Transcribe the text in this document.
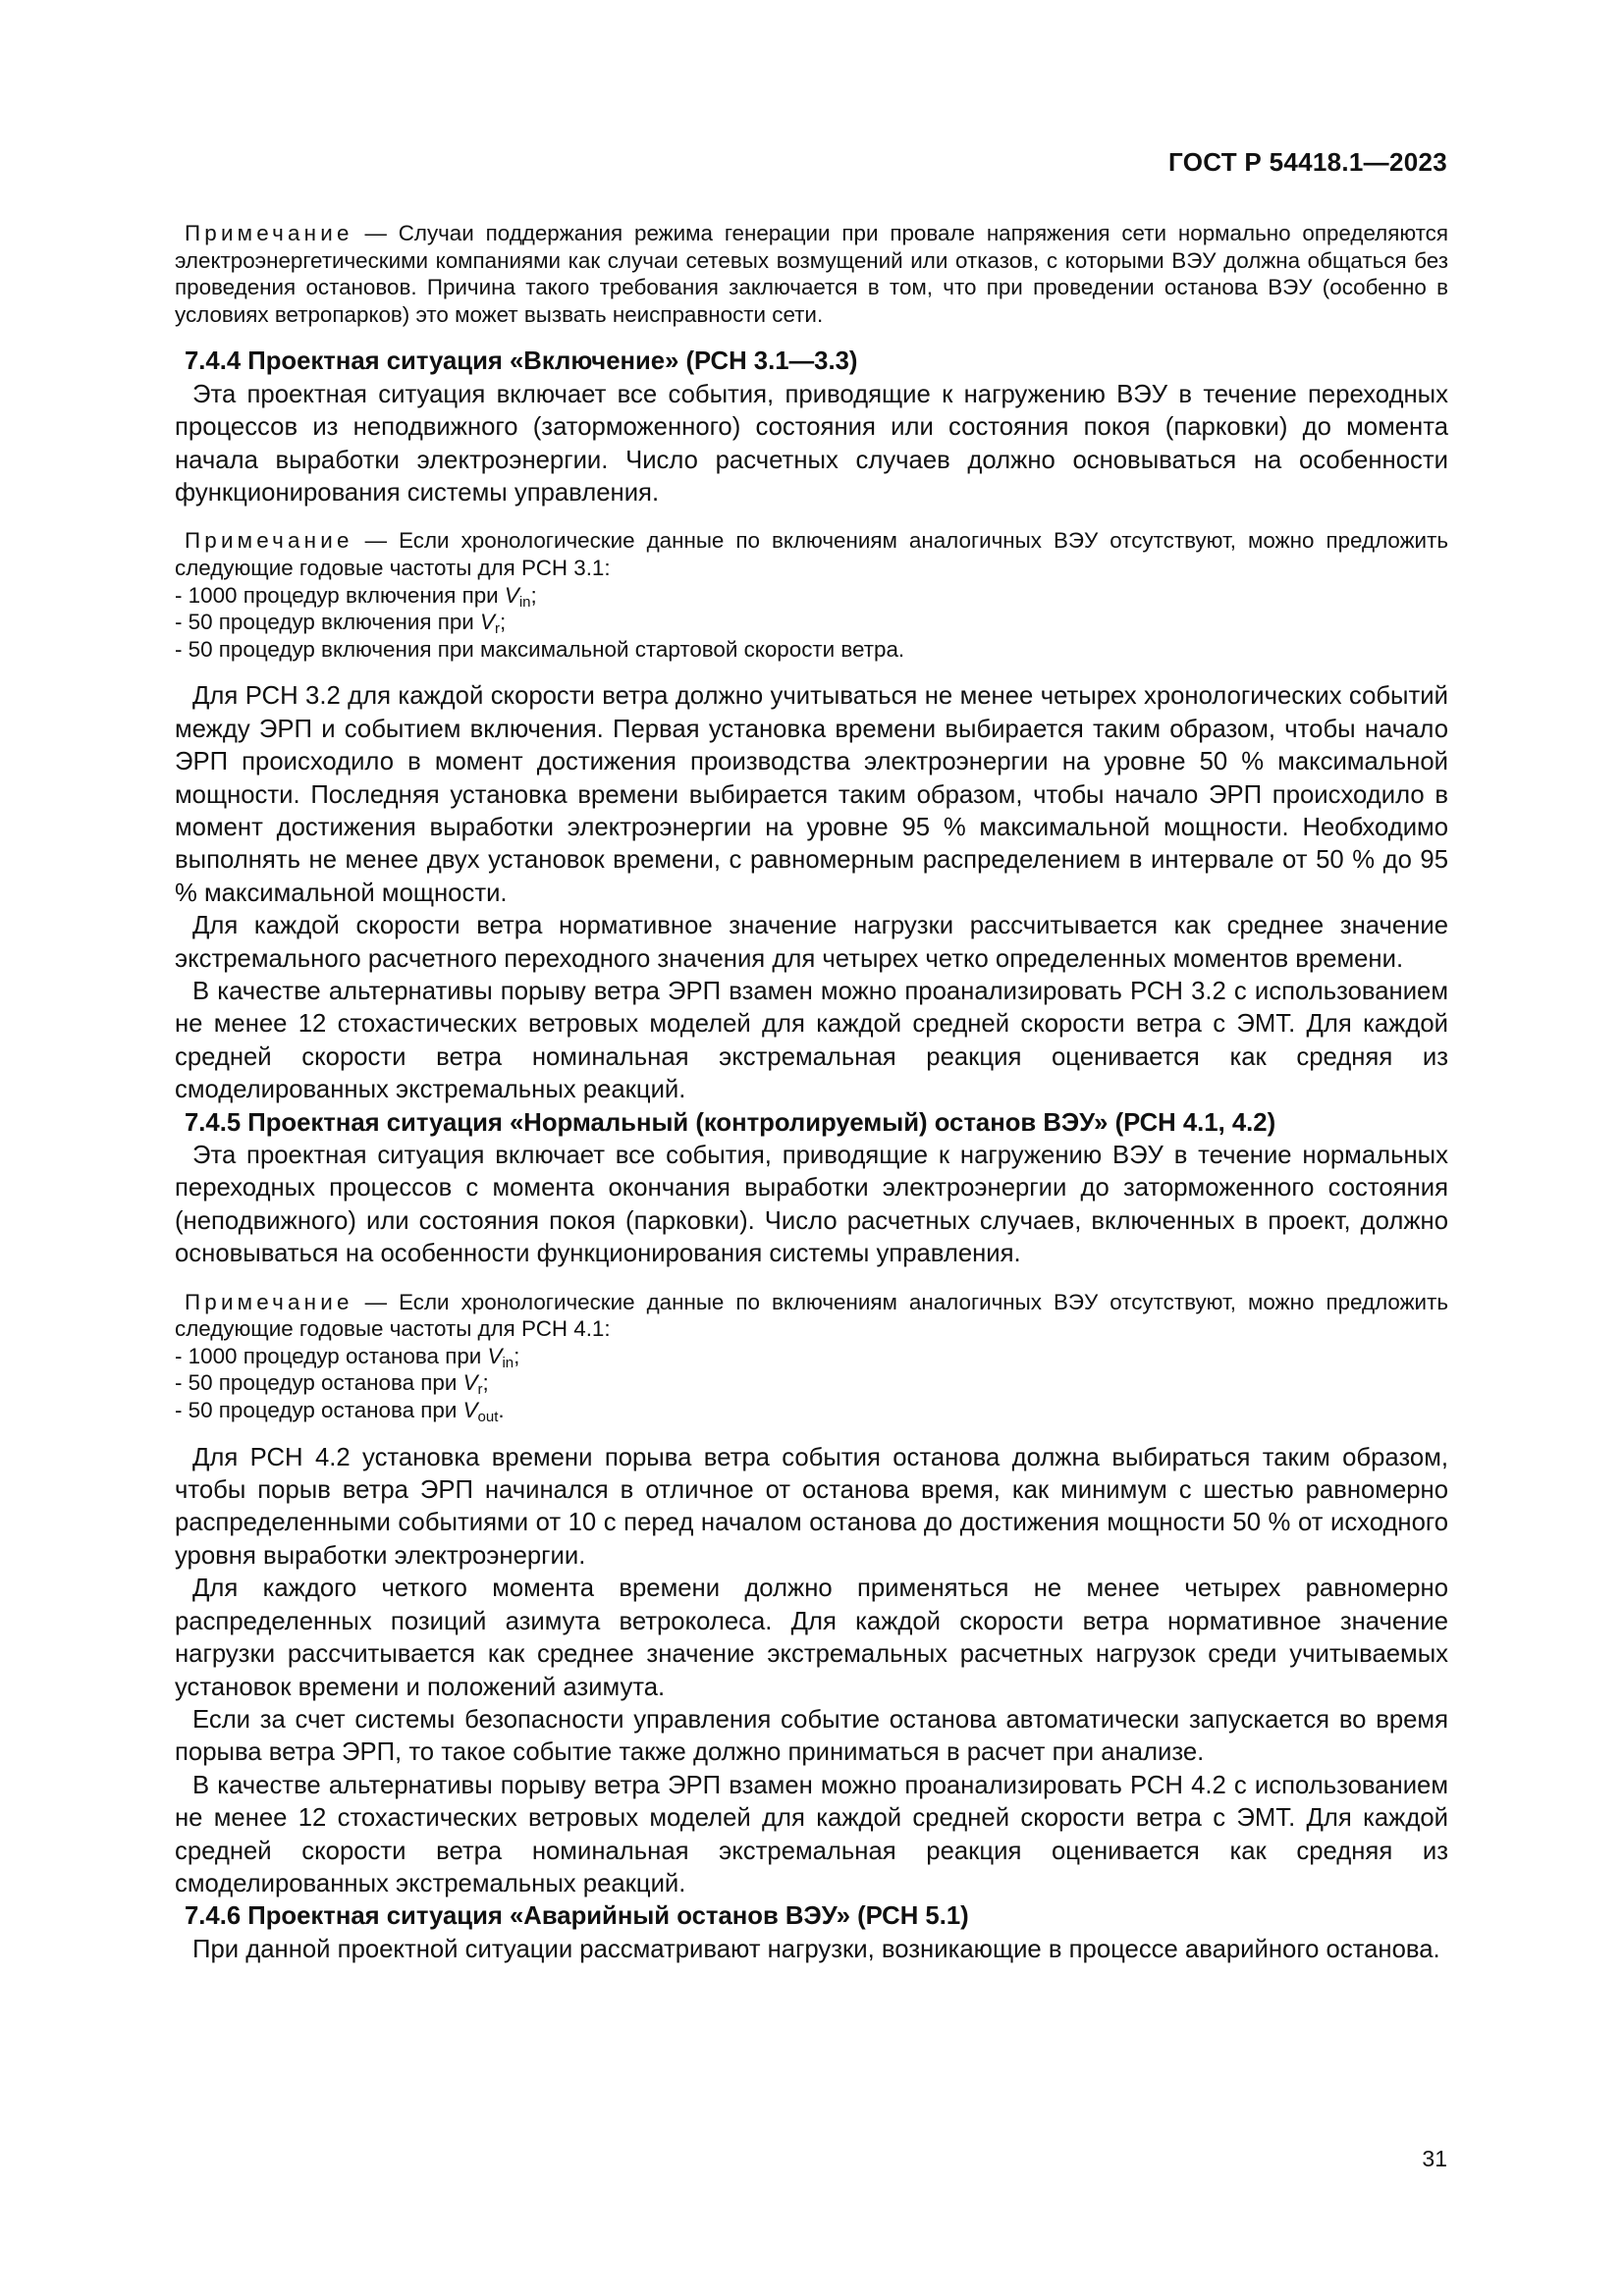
ГОСТ Р 54418.1—2023

Примечание — Случаи поддержания режима генерации при провале напряжения сети нормально определяются электроэнергетическими компаниями как случаи сетевых возмущений или отказов, с которыми ВЭУ должна общаться без проведения остановов. Причина такого требования заключается в том, что при проведении останова ВЭУ (особенно в условиях ветропарков) это может вызвать неисправности сети.

7.4.4 Проектная ситуация «Включение» (РСН 3.1—3.3)

Эта проектная ситуация включает все события, приводящие к нагружению ВЭУ в течение переходных процессов из неподвижного (заторможенного) состояния или состояния покоя (парковки) до момента начала выработки электроэнергии. Число расчетных случаев должно основываться на особенности функционирования системы управления.

Примечание — Если хронологические данные по включениям аналогичных ВЭУ отсутствуют, можно предложить следующие годовые частоты для РСН 3.1:

- 1000 процедур включения при $V_{in}$;

- 50 процедур включения при $V_r$;

- 50 процедур включения при максимальной стартовой скорости ветра.

Для РСН 3.2 для каждой скорости ветра должно учитываться не менее четырех хронологических событий между ЭРП и событием включения. Первая установка времени выбирается таким образом, чтобы начало ЭРП происходило в момент достижения производства электроэнергии на уровне 50 % максимальной мощности. Последняя установка времени выбирается таким образом, чтобы начало ЭРП происходило в момент достижения выработки электроэнергии на уровне 95 % максимальной мощности. Необходимо выполнять не менее двух установок времени, с равномерным распределением в интервале от 50 % до 95 % максимальной мощности.

Для каждой скорости ветра нормативное значение нагрузки рассчитывается как среднее значение экстремального расчетного переходного значения для четырех четко определенных моментов времени.

В качестве альтернативы порыву ветра ЭРП взамен можно проанализировать РСН 3.2 с использованием не менее 12 стохастических ветровых моделей для каждой средней скорости ветра с ЭМТ. Для каждой средней скорости ветра номинальная экстремальная реакция оценивается как средняя из смоделированных экстремальных реакций.

7.4.5 Проектная ситуация «Нормальный (контролируемый) останов ВЭУ» (РСН 4.1, 4.2)

Эта проектная ситуация включает все события, приводящие к нагружению ВЭУ в течение нормальных переходных процессов с момента окончания выработки электроэнергии до заторможенного состояния (неподвижного) или состояния покоя (парковки). Число расчетных случаев, включенных в проект, должно основываться на особенности функционирования системы управления.

Примечание — Если хронологические данные по включениям аналогичных ВЭУ отсутствуют, можно предложить следующие годовые частоты для РСН 4.1:

- 1000 процедур останова при $V_{in}$;

- 50 процедур останова при $V_r$;

- 50 процедур останова при $V_{out}$.

Для РСН 4.2 установка времени порыва ветра события останова должна выбираться таким образом, чтобы порыв ветра ЭРП начинался в отличное от останова время, как минимум с шестью равномерно распределенными событиями от 10 с перед началом останова до достижения мощности 50 % от исходного уровня выработки электроэнергии.

Для каждого четкого момента времени должно применяться не менее четырех равномерно распределенных позиций азимута ветроколеса. Для каждой скорости ветра нормативное значение нагрузки рассчитывается как среднее значение экстремальных расчетных нагрузок среди учитываемых установок времени и положений азимута.

Если за счет системы безопасности управления событие останова автоматически запускается во время порыва ветра ЭРП, то такое событие также должно приниматься в расчет при анализе.

В качестве альтернативы порыву ветра ЭРП взамен можно проанализировать РСН 4.2 с использованием не менее 12 стохастических ветровых моделей для каждой средней скорости ветра с ЭМТ. Для каждой средней скорости ветра номинальная экстремальная реакция оценивается как средняя из смоделированных экстремальных реакций.

7.4.6 Проектная ситуация «Аварийный останов ВЭУ» (РСН 5.1)

При данной проектной ситуации рассматривают нагрузки, возникающие в процессе аварийного останова.

31
